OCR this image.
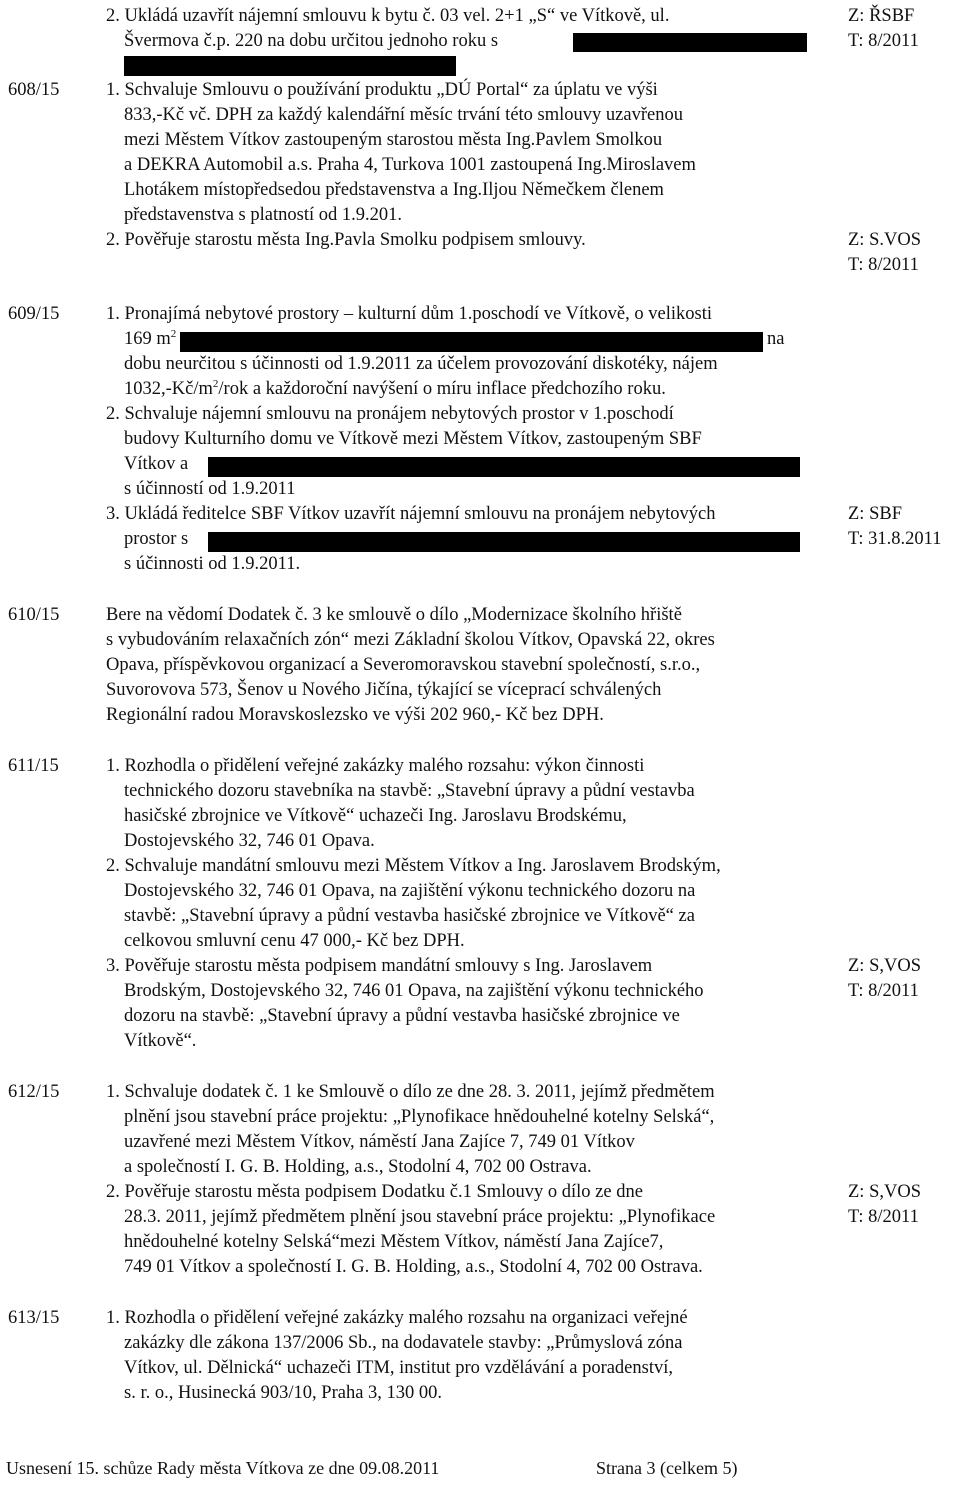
2. Ukládá uzavřít nájemní smlouvu k bytu č. 03 vel. 2+1 „S“ ve Vítkově, ul.
Švermova č.p. 220 na dobu určitou jednoho roku s
Z: ŘSBF
T: 8/2011
608/15	1. Schvaluje Smlouvu o používání produktu „DÚ Portal“ za úplatu ve výši
833,-Kč vč. DPH za každý kalendářní měsíc trvání této smlouvy uzavřenou
mezi Městem Vítkov zastoupeným starostou města Ing.Pavlem Smolkou
a DEKRA Automobil a.s. Praha 4, Turkova 1001 zastoupená Ing.Miroslavem
Lhotákem místopředsedou představenstva a Ing.Iljou Němečkem členem
představenstva s platností od 1.9.201.
2. Pověřuje starostu města Ing.Pavla Smolku podpisem smlouvy.	Z: S.VOS
T: 8/2011
609/15	1. Pronajímá nebytové prostory – kulturní dům 1.poschodí ve Vítkově, o velikosti
169 $m^2$	na
dobu neurčitou s účinnosti od 1.9.2011 za účelem provozování diskotéky, nájem
$1032,-Kč/m^2$/rok a každoroční navýšení o míru inflace předchozího roku.
2. Schvaluje nájemní smlouvu na pronájem nebytových prostor v 1.poschodí
budovy Kulturního domu ve Vítkově mezi Městem Vítkov, zastoupeným SBF
Vítkov a
s účinností od 1.9.2011
3. Ukládá ředitelce SBF Vítkov uzavřít nájemní smlouvu na pronájem nebytových
prostor s
s účinnosti od 1.9.2011.
Z: SBF
T: 31.8.2011
610/15	Bere na vědomí Dodatek č. 3 ke smlouvě o dílo „Modernizace školního hřiště
s vybudováním relaxačních zón“ mezi Základní školou Vítkov, Opavská 22, okres
Opava, příspěvkovou organizací a Severomoravskou stavební společností, s.r.o.,
Suvorovova 573, Šenov u Nového Jičína, týkající se víceprací schválených
Regionální radou Moravskoslezsko ve výši 202 960,- Kč bez DPH.
611/15	1. Rozhodla o přidělení veřejné zakázky malého rozsahu: výkon činnosti
technického dozoru stavebníka na stavbě: „Stavební úpravy a půdní vestavba
hasičské zbrojnice ve Vítkově“ uchazeči Ing. Jaroslavu Brodskému,
Dostojevského 32, 746 01 Opava.
2. Schvaluje mandátní smlouvu mezi Městem Vítkov a Ing. Jaroslavem Brodským,
Dostojevského 32, 746 01 Opava, na zajištění výkonu technického dozoru na
stavbě: „Stavební úpravy a půdní vestavba hasičské zbrojnice ve Vítkově“ za
celkovou smluvní cenu 47 000,- Kč bez DPH.
3. Pověřuje starostu města podpisem mandátní smlouvy s Ing. Jaroslavem
Brodským, Dostojevského 32, 746 01 Opava, na zajištění výkonu technického
dozoru na stavbě: „Stavební úpravy a půdní vestavba hasičské zbrojnice ve
Vítkově“.
Z: S,VOS
T: 8/2011
612/15	1. Schvaluje dodatek č. 1 ke Smlouvě o dílo ze dne 28. 3. 2011, jejímž předmětem
plnění jsou stavební práce projektu: „Plynofikace hnědouhelné kotelny Selská“,
uzavřené mezi Městem Vítkov, náměstí Jana Zajíce 7, 749 01 Vítkov
a společností I. G. B. Holding, a.s., Stodolní 4, 702 00 Ostrava.
2. Pověřuje starostu města podpisem Dodatku č.1 Smlouvy o dílo ze dne
28.3. 2011, jejímž předmětem plnění jsou stavební práce projektu: „Plynofikace
hnědouhelné kotelny Selská“mezi Městem Vítkov, náměstí Jana Zajíce7,
749 01 Vítkov a společností I. G. B. Holding, a.s., Stodolní 4, 702 00 Ostrava.
Z: S,VOS
T: 8/2011
613/15	1. Rozhodla o přidělení veřejné zakázky malého rozsahu na organizaci veřejné
zakázky dle zákona 137/2006 Sb., na dodavatele stavby: „Průmyslová zóna
Vítkov, ul. Dělnická“ uchazeči ITM, institut pro vzdělávání a poradenství,
s. r. o., Husinecká 903/10, Praha 3, 130 00.
Usnesení 15. schůze Rady města Vítkova ze dne 09.08.2011	Strana 3 (celkem 5)
